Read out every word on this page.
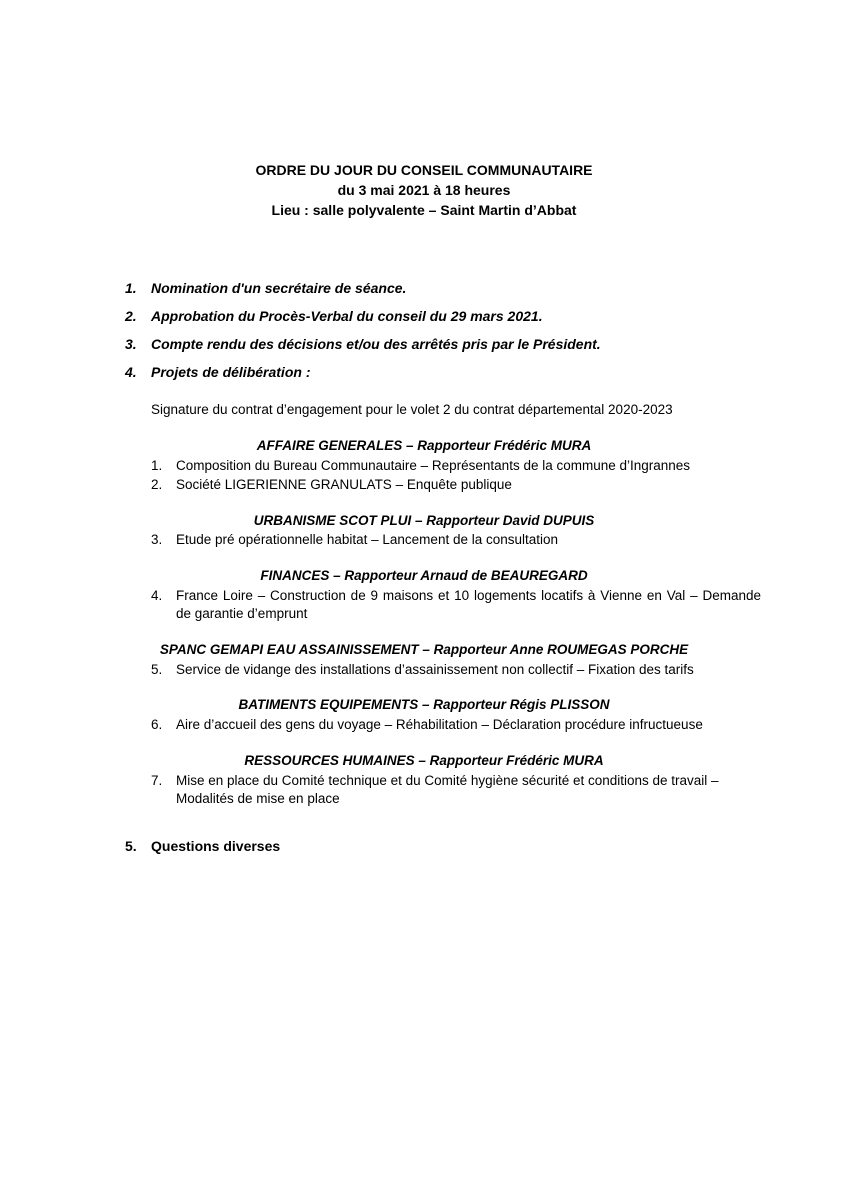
ORDRE DU JOUR DU CONSEIL COMMUNAUTAIRE
du 3 mai 2021 à 18 heures
Lieu : salle polyvalente – Saint Martin d’Abbat
1. Nomination d'un secrétaire de séance.
2. Approbation du Procès-Verbal du conseil du 29 mars 2021.
3. Compte rendu des décisions et/ou des arrêtés pris par le Président.
4. Projets de délibération :
Signature du contrat d’engagement pour le volet 2 du contrat départemental 2020-2023
AFFAIRE GENERALES – Rapporteur Frédéric MURA
1.	Composition du Bureau Communautaire – Représentants de la commune d’Ingrannes
2.	Société LIGERIENNE GRANULATS – Enquête publique
URBANISME SCOT PLUI – Rapporteur David DUPUIS
3.	Etude pré opérationnelle habitat – Lancement de la consultation
FINANCES – Rapporteur Arnaud de BEAUREGARD
4.	France Loire – Construction de 9 maisons et 10 logements locatifs à Vienne en Val – Demande de garantie d’emprunt
SPANC GEMAPI EAU ASSAINISSEMENT – Rapporteur Anne ROUMEGAS PORCHE
5.	Service de vidange des installations d’assainissement non collectif – Fixation des tarifs
BATIMENTS EQUIPEMENTS – Rapporteur Régis PLISSON
6.	Aire d’accueil des gens du voyage – Réhabilitation – Déclaration procédure infructueuse
RESSOURCES HUMAINES – Rapporteur Frédéric MURA
7.	Mise en place du Comité technique et du Comité hygiène sécurité et conditions de travail – Modalités de mise en place
5. Questions diverses
